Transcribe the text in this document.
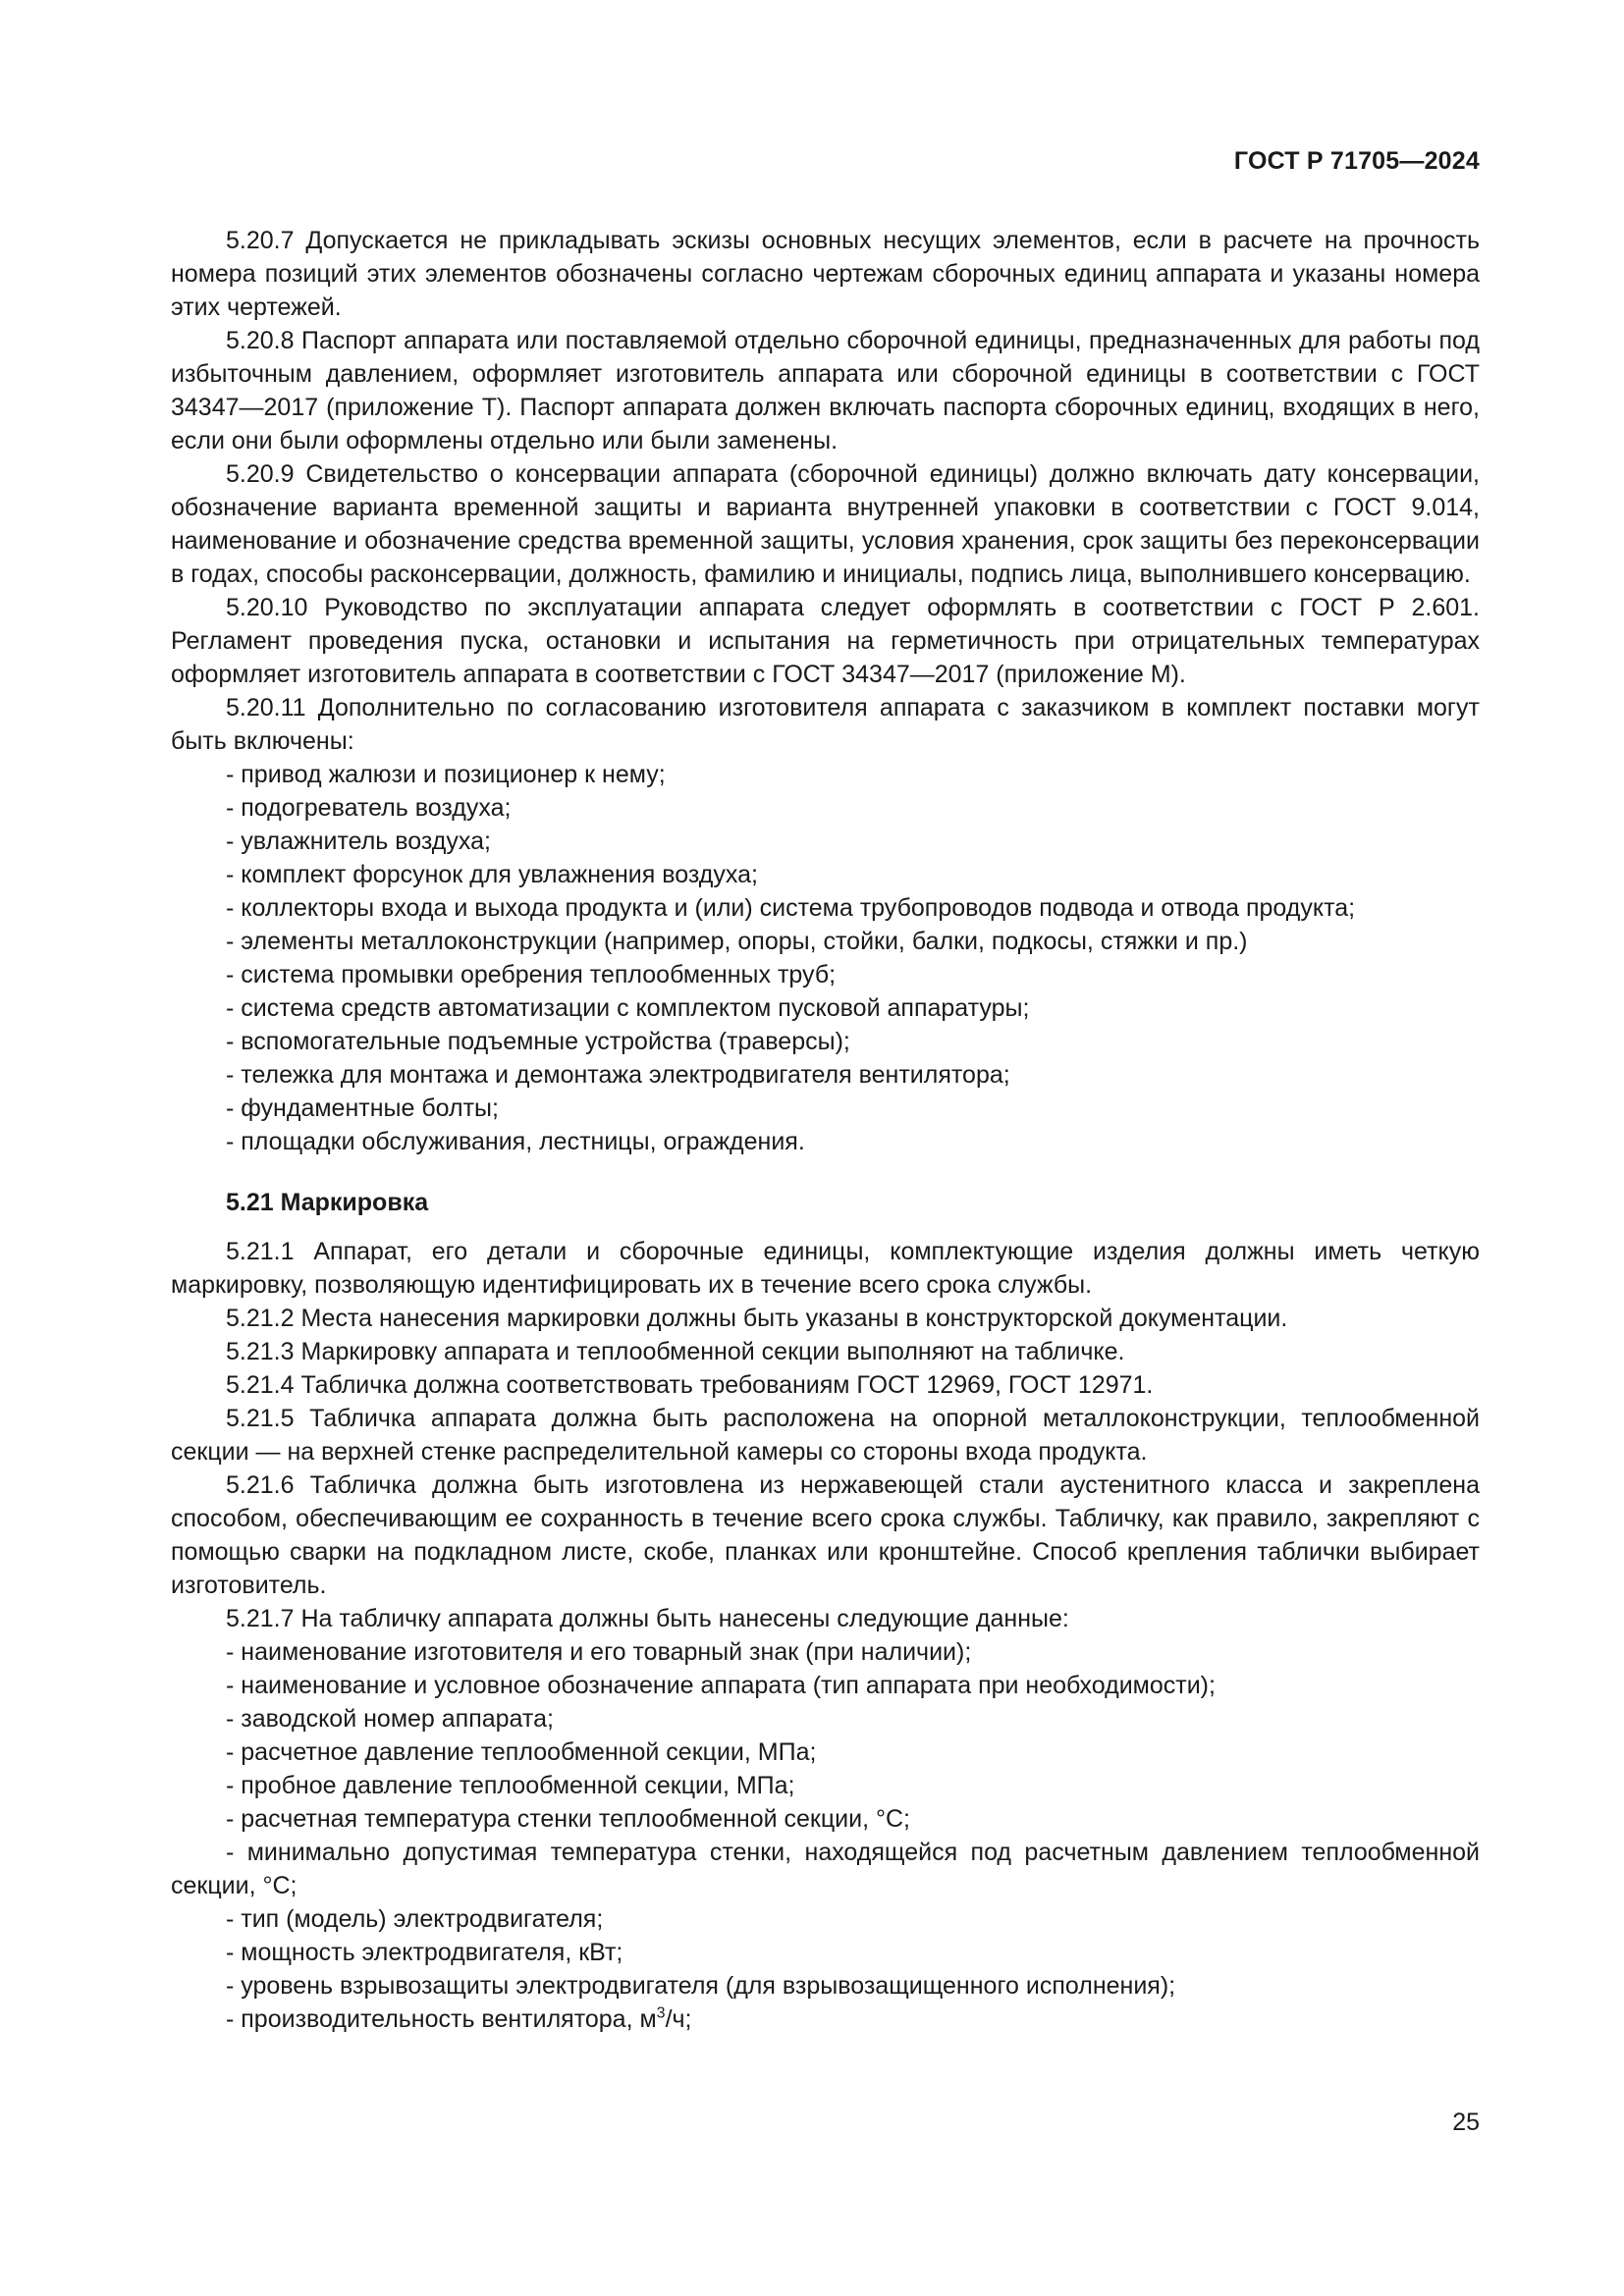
ГОСТ Р 71705—2024

5.20.7 Допускается не прикладывать эскизы основных несущих элементов, если в расчете на прочность номера позиций этих элементов обозначены согласно чертежам сборочных единиц аппарата и указаны номера этих чертежей.

5.20.8 Паспорт аппарата или поставляемой отдельно сборочной единицы, предназначенных для работы под избыточным давлением, оформляет изготовитель аппарата или сборочной единицы в соответствии с ГОСТ 34347—2017 (приложение Т). Паспорт аппарата должен включать паспорта сборочных единиц, входящих в него, если они были оформлены отдельно или были заменены.

5.20.9 Свидетельство о консервации аппарата (сборочной единицы) должно включать дату консервации, обозначение варианта временной защиты и варианта внутренней упаковки в соответствии с ГОСТ 9.014, наименование и обозначение средства временной защиты, условия хранения, срок защиты без переконсервации в годах, способы расконсервации, должность, фамилию и инициалы, подпись лица, выполнившего консервацию.

5.20.10 Руководство по эксплуатации аппарата следует оформлять в соответствии с ГОСТ Р 2.601. Регламент проведения пуска, остановки и испытания на герметичность при отрицательных температурах оформляет изготовитель аппарата в соответствии с ГОСТ 34347—2017 (приложение М).

5.20.11 Дополнительно по согласованию изготовителя аппарата с заказчиком в комплект поставки могут быть включены:

- привод жалюзи и позиционер к нему;

- подогреватель воздуха;

- увлажнитель воздуха;

- комплект форсунок для увлажнения воздуха;

- коллекторы входа и выхода продукта и (или) система трубопроводов подвода и отвода продукта;

- элементы металлоконструкции (например, опоры, стойки, балки, подкосы, стяжки и пр.)

- система промывки оребрения теплообменных труб;

- система средств автоматизации с комплектом пусковой аппаратуры;

- вспомогательные подъемные устройства (траверсы);

- тележка для монтажа и демонтажа электродвигателя вентилятора;

- фундаментные болты;

- площадки обслуживания, лестницы, ограждения.

5.21 Маркировка

5.21.1 Аппарат, его детали и сборочные единицы, комплектующие изделия должны иметь четкую маркировку, позволяющую идентифицировать их в течение всего срока службы.

5.21.2 Места нанесения маркировки должны быть указаны в конструкторской документации.

5.21.3 Маркировку аппарата и теплообменной секции выполняют на табличке.

5.21.4 Табличка должна соответствовать требованиям ГОСТ 12969, ГОСТ 12971.

5.21.5 Табличка аппарата должна быть расположена на опорной металлоконструкции, теплообменной секции — на верхней стенке распределительной камеры со стороны входа продукта.

5.21.6 Табличка должна быть изготовлена из нержавеющей стали аустенитного класса и закреплена способом, обеспечивающим ее сохранность в течение всего срока службы. Табличку, как правило, закрепляют с помощью сварки на подкладном листе, скобе, планках или кронштейне. Способ крепления таблички выбирает изготовитель.

5.21.7 На табличку аппарата должны быть нанесены следующие данные:

- наименование изготовителя и его товарный знак (при наличии);

- наименование и условное обозначение аппарата (тип аппарата при необходимости);

- заводской номер аппарата;

- расчетное давление теплообменной секции, МПа;

- пробное давление теплообменной секции, МПа;

- расчетная температура стенки теплообменной секции, °С;

- минимально допустимая температура стенки, находящейся под расчетным давлением теплообменной секции, °С;

- тип (модель) электродвигателя;

- мощность электродвигателя, кВт;

- уровень взрывозащиты электродвигателя (для взрывозащищенного исполнения);

- производительность вентилятора, $м^3/ч$;

25
